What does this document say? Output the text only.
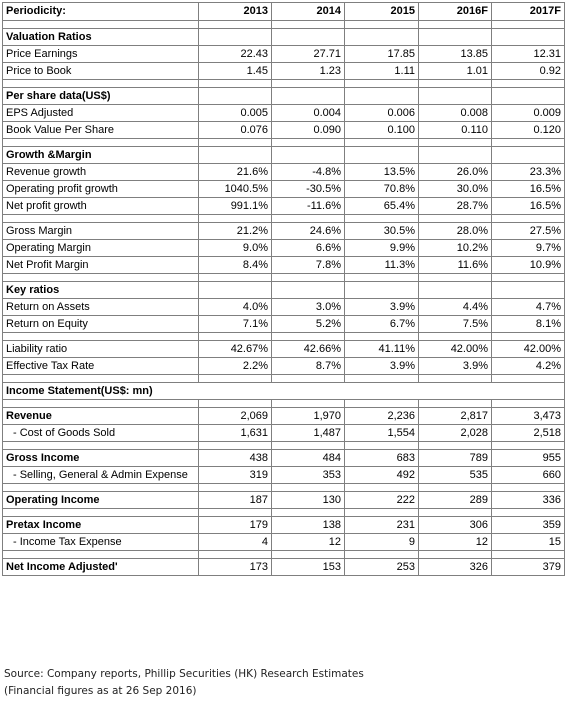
Periodicity:	2013	2014	2015	2016F	2017F

Valuation Ratios					
Price Earnings	22.43	27.71	17.85	13.85	12.31
Price to Book	1.45	1.23	1.11	1.01	0.92

Per share data(US$)					
EPS Adjusted	0.005	0.004	0.006	0.008	0.009
Book Value Per Share	0.076	0.090	0.100	0.110	0.120

Growth &Margin					
Revenue growth	21.6%	-4.8%	13.5%	26.0%	23.3%
Operating profit growth	1040.5%	-30.5%	70.8%	30.0%	16.5%
Net profit growth	991.1%	-11.6%	65.4%	28.7%	16.5%

Gross Margin	21.2%	24.6%	30.5%	28.0%	27.5%
Operating Margin	9.0%	6.6%	9.9%	10.2%	9.7%
Net Profit Margin	8.4%	7.8%	11.3%	11.6%	10.9%

Key ratios					
Return on Assets	4.0%	3.0%	3.9%	4.4%	4.7%
Return on Equity	7.1%	5.2%	6.7%	7.5%	8.1%

Liability ratio	42.67%	42.66%	41.11%	42.00%	42.00%
Effective Tax Rate	2.2%	8.7%	3.9%	3.9%	4.2%

Income Statement(US$: mn)					

Revenue	2,069	1,970	2,236	2,817	3,473
- Cost of Goods Sold	1,631	1,487	1,554	2,028	2,518

Gross Income	438	484	683	789	955
- Selling, General & Admin Expense	319	353	492	535	660

Operating Income	187	130	222	289	336

Pretax Income	179	138	231	306	359
- Income Tax Expense	4	12	9	12	15

Net Income Adjusted'	173	153	253	326	379
Source: Company reports, Phillip Securities (HK) Research Estimates
(Financial figures as at 26 Sep 2016)
